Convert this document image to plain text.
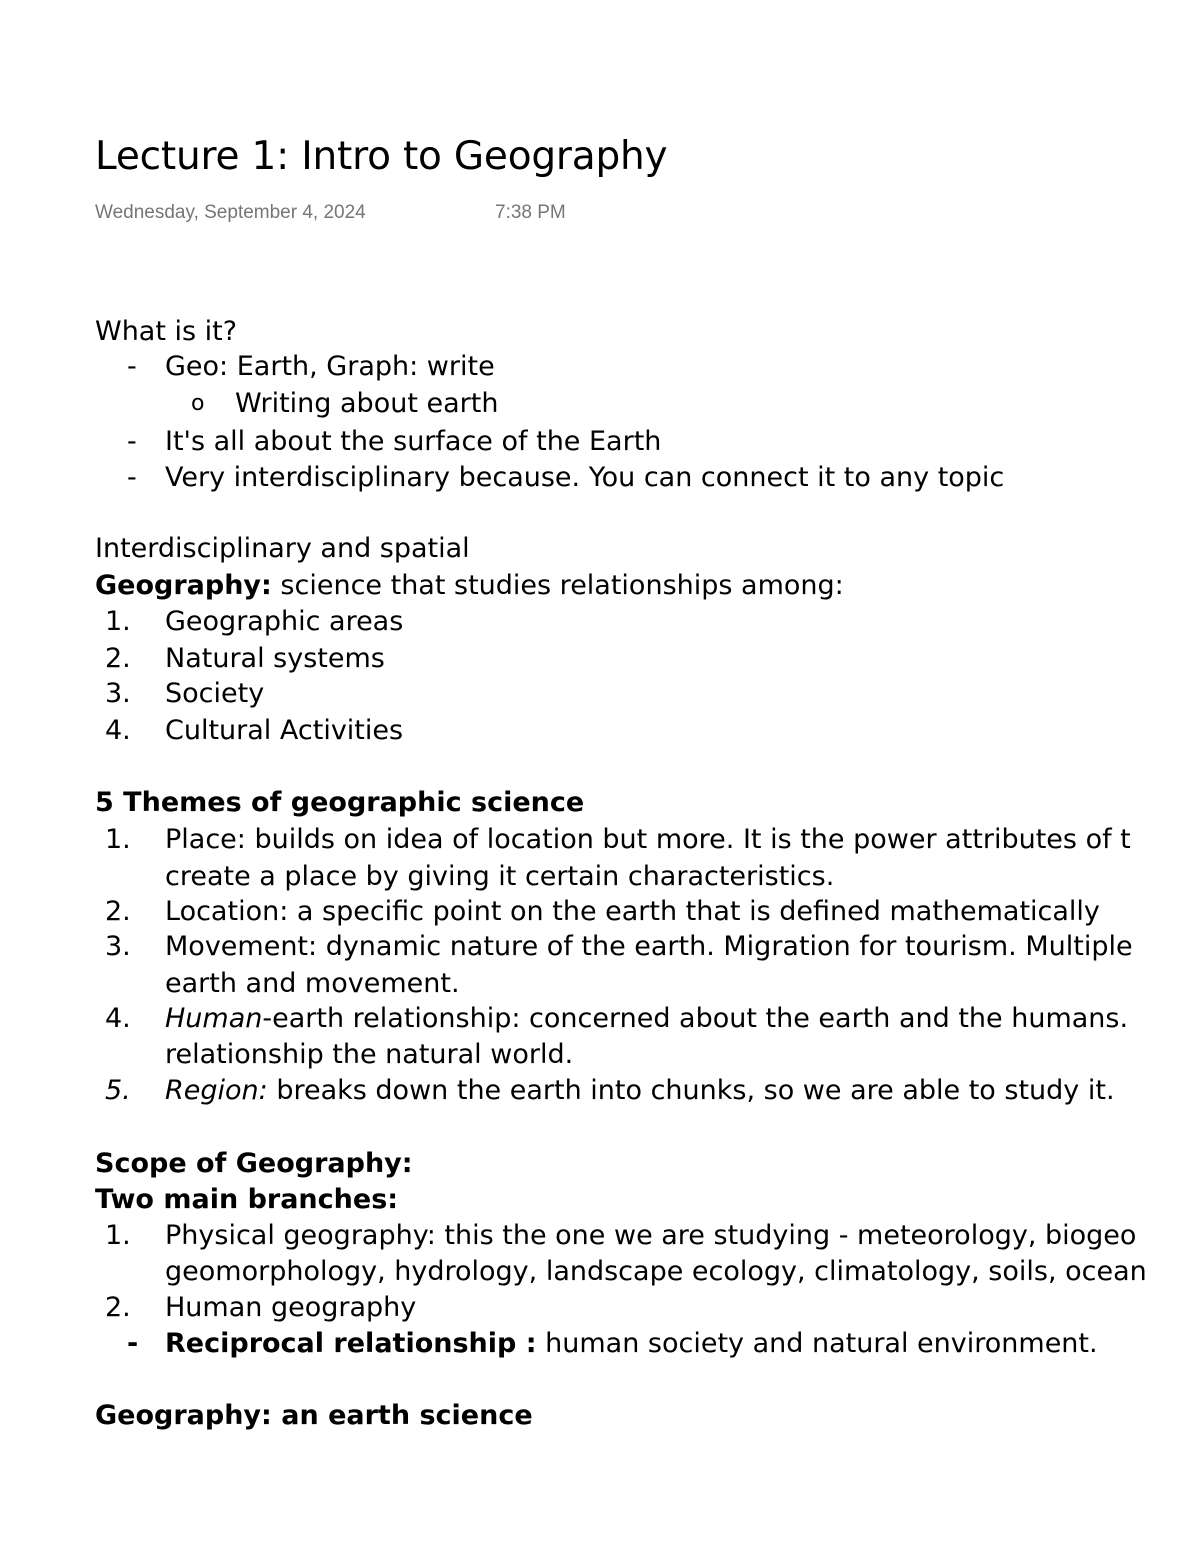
Lecture 1: Intro to Geography
Wednesday, September 4, 2024	7:38 PM
What is it?
- Geo: Earth, Graph: write
o Writing about earth
- It's all about the surface of the Earth
- Very interdisciplinary because. You can connect it to any topic
Interdisciplinary and spatial
Geography: science that studies relationships among:
1. Geographic areas
2. Natural systems
3. Society
4. Cultural Activities
5 Themes of geographic science
1. Place: builds on idea of location but more. It is the power attributes of t
create a place by giving it certain characteristics.
2. Location: a specific point on the earth that is defined mathematically
3. Movement: dynamic nature of the earth. Migration for tourism. Multiple
earth and movement.
4. Human-earth relationship: concerned about the earth and the humans.
relationship the natural world.
5. Region: breaks down the earth into chunks, so we are able to study it.
Scope of Geography:
Two main branches:
1. Physical geography: this the one we are studying - meteorology, biogeo
geomorphology, hydrology, landscape ecology, climatology, soils, ocean
2. Human geography
- Reciprocal relationship : human society and natural environment.
Geography: an earth science
